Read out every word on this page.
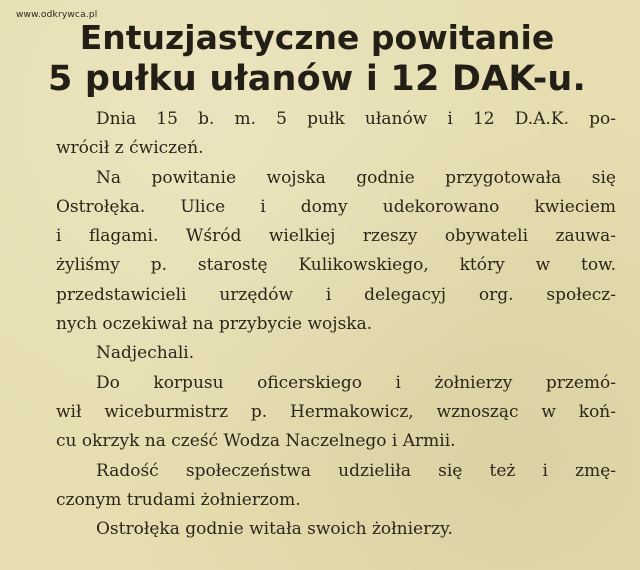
www.odkrywca.pl
Entuzjastyczne powitanie
5 pułku ułanów i 12 DAK-u.
Dnia 15 b. m. 5 pułk ułanów i 12 D.A.K. po-
wrócił z ćwiczeń.
Na powitanie wojska godnie przygotowała się
Ostrołęka. Ulice i domy udekorowano kwieciem
i flagami. Wśród wielkiej rzeszy obywateli zauwa-
żyliśmy p. starostę Kulikowskiego, który w tow.
przedstawicieli urzędów i delegacyj org. społecz-
nych oczekiwał na przybycie wojska.
Nadjechali.
Do korpusu oficerskiego i żołnierzy przemó-
wił wiceburmistrz p. Hermakowicz, wznosząc w koń-
cu okrzyk na cześć Wodza Naczelnego i Armii.
Radość społeczeństwa udzieliła się też i zmę-
czonym trudami żołnierzom.
Ostrołęka godnie witała swoich żołnierzy.
